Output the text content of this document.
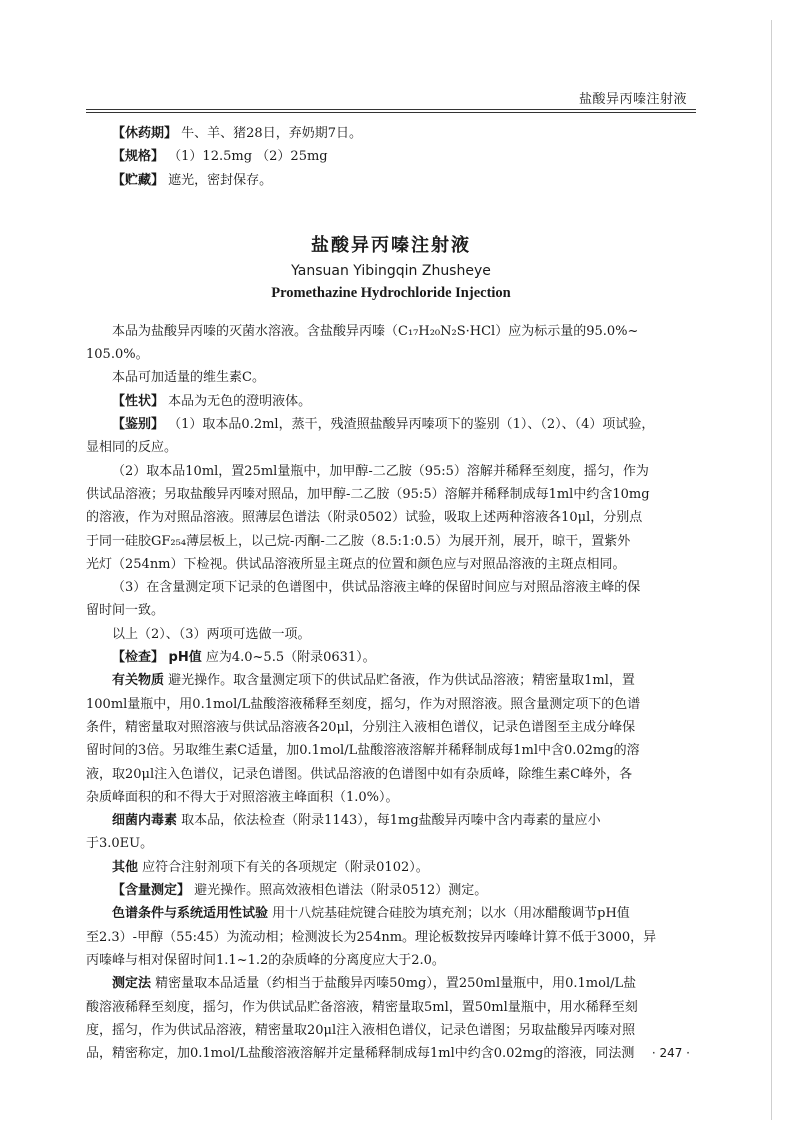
盐酸异丙嗪注射液
【休药期】 牛、羊、猪28日，弃奶期7日。
【规格】 （1）12.5mg （2）25mg
【贮藏】 遮光，密封保存。
盐酸异丙嗪注射液
Yansuan Yibingqin Zhusheye
Promethazine Hydrochloride Injection
本品为盐酸异丙嗪的灭菌水溶液。含盐酸异丙嗪（C₁₇H₂₀N₂S·HCl）应为标示量的95.0%~
105.0%。
本品可加适量的维生素C。
【性状】 本品为无色的澄明液体。
【鉴别】 （1）取本品0.2ml，蒸干，残渣照盐酸异丙嗪项下的鉴别（1）、（2）、（4）项试验，
显相同的反应。
（2）取本品10ml，置25ml量瓶中，加甲醇-二乙胺（95:5）溶解并稀释至刻度，摇匀，作为
供试品溶液；另取盐酸异丙嗪对照品，加甲醇-二乙胺（95:5）溶解并稀释制成每1ml中约含10mg
的溶液，作为对照品溶液。照薄层色谱法（附录0502）试验，吸取上述两种溶液各10μl，分别点
于同一硅胶GF₂₅₄薄层板上，以己烷-丙酮-二乙胺（8.5:1:0.5）为展开剂，展开，晾干，置紫外
光灯（254nm）下检视。供试品溶液所显主斑点的位置和颜色应与对照品溶液的主斑点相同。
（3）在含量测定项下记录的色谱图中，供试品溶液主峰的保留时间应与对照品溶液主峰的保
留时间一致。
以上（2）、（3）两项可选做一项。
【检查】 pH值 应为4.0~5.5（附录0631）。
有关物质 避光操作。取含量测定项下的供试品贮备液，作为供试品溶液；精密量取1ml，置
100ml量瓶中，用0.1mol/L盐酸溶液稀释至刻度，摇匀，作为对照溶液。照含量测定项下的色谱
条件，精密量取对照溶液与供试品溶液各20μl，分别注入液相色谱仪，记录色谱图至主成分峰保
留时间的3倍。另取维生素C适量，加0.1mol/L盐酸溶液溶解并稀释制成每1ml中含0.02mg的溶
液，取20μl注入色谱仪，记录色谱图。供试品溶液的色谱图中如有杂质峰，除维生素C峰外，各
杂质峰面积的和不得大于对照溶液主峰面积（1.0%）。
细菌内毒素 取本品，依法检查（附录1143），每1mg盐酸异丙嗪中含内毒素的量应小
于3.0EU。
其他 应符合注射剂项下有关的各项规定（附录0102）。
【含量测定】 避光操作。照高效液相色谱法（附录0512）测定。
色谱条件与系统适用性试验 用十八烷基硅烷键合硅胶为填充剂；以水（用冰醋酸调节pH值
至2.3）-甲醇（55:45）为流动相；检测波长为254nm。理论板数按异丙嗪峰计算不低于3000，异
丙嗪峰与相对保留时间1.1~1.2的杂质峰的分离度应大于2.0。
测定法 精密量取本品适量（约相当于盐酸异丙嗪50mg），置250ml量瓶中，用0.1mol/L盐
酸溶液稀释至刻度，摇匀，作为供试品贮备溶液，精密量取5ml，置50ml量瓶中，用水稀释至刻
度，摇匀，作为供试品溶液，精密量取20μl注入液相色谱仪，记录色谱图；另取盐酸异丙嗪对照
品，精密称定，加0.1mol/L盐酸溶液溶解并定量稀释制成每1ml中约含0.02mg的溶液，同法测	· 247 ·
